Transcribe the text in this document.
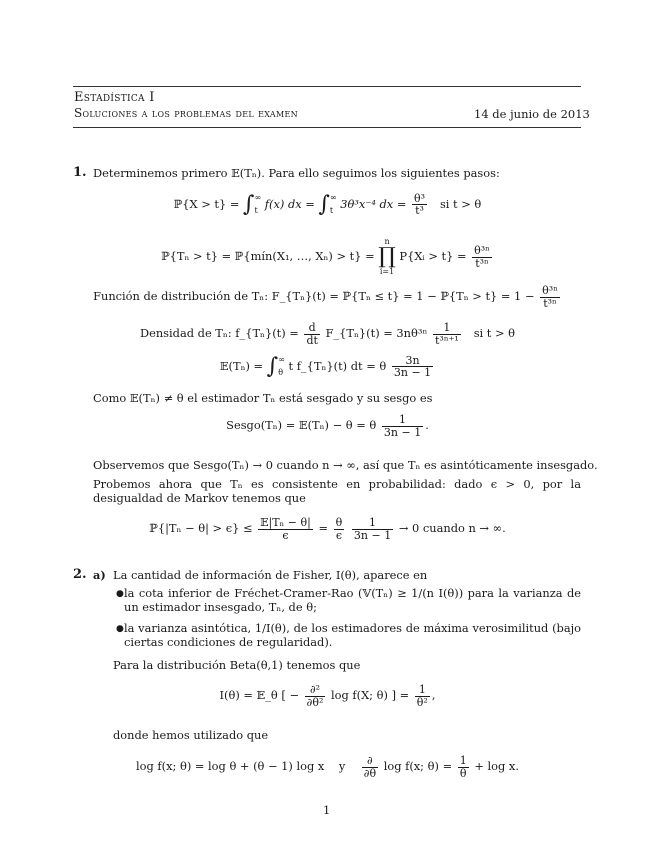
Estadística I
Soluciones a los problemas del examen	14 de junio de 2013
1. Determinemos primero 𝔼(Tₙ). Para ello seguimos los siguientes pasos:
ℙ{X > t} = ∫ ∞
t f(x) dx = ∫ ∞
t 3θ³x⁻⁴ dx = $\frac{\text{θ³}}{\text{t³}}$ si t > θ
ℙ{Tₙ > t} = ℙ{mín(X₁, …, Xₙ) > t} =
n
∏
i=1
P{Xᵢ > $t\} = \frac{\text{θ³ⁿ}}{\text{t³ⁿ}}$
Función de distribución de Tₙ: F_{Tₙ}(t) = ℙ{Tₙ ≤ t} = 1 − ℙ{Tₙ > $t\} = 1 - \frac{\text{θ³ⁿ}}{\text{t³ⁿ}}$
Densidad de Tₙ: f_{Tₙ}(t) = $\frac{d}{dt}$ F_{Tₙ}(t) = $3n\theta^{3n} \frac{1}{\text{t³ⁿ⁺¹}}$ si t > θ
𝔼(Tₙ) = ∫ ∞
θ t f_{Tₙ}(t) dt = θ $\frac{3n}{3n - 1}$
Como 𝔼(Tₙ) ≠ θ el estimador Tₙ está sesgado y su sesgo es
Sesgo(Tₙ) = 𝔼(Tₙ) − θ = θ $\frac{1}{3n - 1}$ .
Observemos que Sesgo(Tₙ) → 0 cuando n → ∞, así que Tₙ es asintóticamente insesgado.
Probemos ahora que Tₙ es consistente en probabilidad: dado ϵ > 0, por la desigualdad de Markov tenemos que
ℙ{|Tₙ − $\theta| > \epsilon\} \le \frac{\text{𝔼|Tₙ − θ|}}{\epsilon} = \frac{\theta}{\epsilon}$
$\frac{1}{3n - 1} \to 0$ cuando n → ∞.
2. a) La cantidad de información de Fisher, I(θ), aparece en
● la cota inferior de Fréchet-Cramer-Rao (𝕍(Tₙ) ≥ 1/(n I(θ)) para la varianza de un estimador insesgado, Tₙ, de θ;
● la varianza asintótica, 1/I(θ), de los estimadores de máxima verosimilitud (bajo ciertas condiciones de regularidad).
Para la distribución Beta(θ,1) tenemos que
I(θ) = 𝔼_θ [ − $\frac{\text{∂²}}{\text{∂θ²}}$ log f(X; θ) ] = $\frac{1}{\text{θ²}}$ ,
donde hemos utilizado que
log f(x; θ) = log θ + (θ − 1) log x y $\frac{\partial}{\partial\theta}$ log f(x; $\theta) = \frac{1}{\theta} + \log x$.
1
